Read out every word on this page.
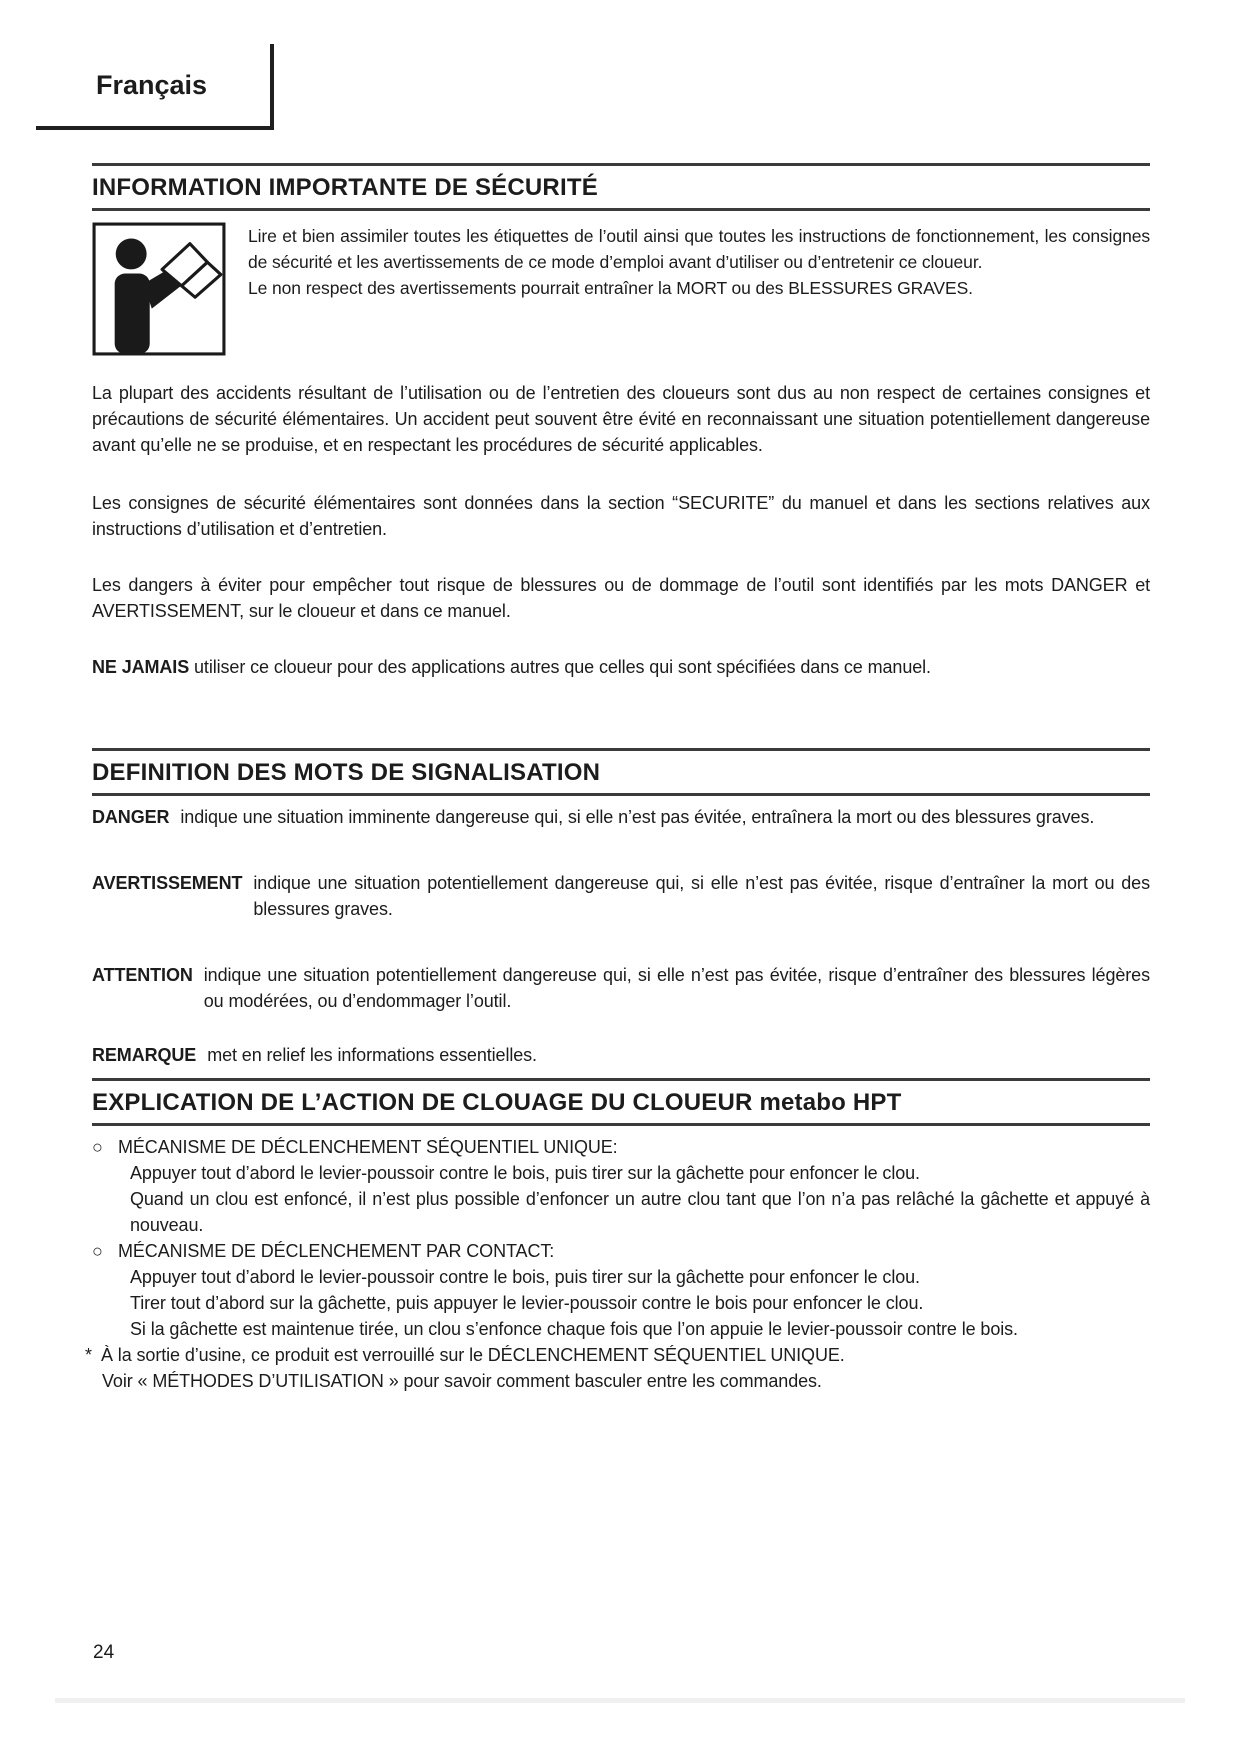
Français
INFORMATION IMPORTANTE DE SÉCURITÉ

Lire et bien assimiler toutes les étiquettes de l’outil ainsi que toutes les instructions de fonctionnement, les consignes de sécurité et les avertissements de ce mode d’emploi avant d’utiliser ou d’entretenir ce cloueur.

Le non respect des avertissements pourrait entraîner la MORT ou des BLESSURES GRAVES.

La plupart des accidents résultant de l’utilisation ou de l’entretien des cloueurs sont dus au non respect de certaines consignes et précautions de sécurité élémentaires. Un accident peut souvent être évité en reconnaissant une situation potentiellement dangereuse avant qu’elle ne se produise, et en respectant les procédures de sécurité applicables.

Les consignes de sécurité élémentaires sont données dans la section “SECURITE” du manuel et dans les sections relatives aux instructions d’utilisation et d’entretien.

Les dangers à éviter pour empêcher tout risque de blessures ou de dommage de l’outil sont identifiés par les mots DANGER et AVERTISSEMENT, sur le cloueur et dans ce manuel.

NE JAMAIS utiliser ce cloueur pour des applications autres que celles qui sont spécifiées dans ce manuel.

DEFINITION DES MOTS DE SIGNALISATION
DANGER indique une situation imminente dangereuse qui, si elle n’est pas évitée, entraînera la mort ou des blessures graves.
AVERTISSEMENT indique une situation potentiellement dangereuse qui, si elle n’est pas évitée, risque d’entraîner la mort ou des blessures graves.
ATTENTION indique une situation potentiellement dangereuse qui, si elle n’est pas évitée, risque d’entraîner des blessures légères ou modérées, ou d’endommager l’outil.
REMARQUE met en relief les informations essentielles.
EXPLICATION DE L’ACTION DE CLOUAGE DU CLOUEUR metabo HPT
○ MÉCANISME DE DÉCLENCHEMENT SÉQUENTIEL UNIQUE:
Appuyer tout d’abord le levier-poussoir contre le bois, puis tirer sur la gâchette pour enfoncer le clou.
Quand un clou est enfoncé, il n’est plus possible d’enfoncer un autre clou tant que l’on n’a pas relâché la gâchette et appuyé à nouveau.
○ MÉCANISME DE DÉCLENCHEMENT PAR CONTACT:
Appuyer tout d’abord le levier-poussoir contre le bois, puis tirer sur la gâchette pour enfoncer le clou.
Tirer tout d’abord sur la gâchette, puis appuyer le levier-poussoir contre le bois pour enfoncer le clou.
Si la gâchette est maintenue tirée, un clou s’enfonce chaque fois que l’on appuie le levier-poussoir contre le bois.
* À la sortie d’usine, ce produit est verrouillé sur le DÉCLENCHEMENT SÉQUENTIEL UNIQUE.
Voir « MÉTHODES D’UTILISATION » pour savoir comment basculer entre les commandes.
24
